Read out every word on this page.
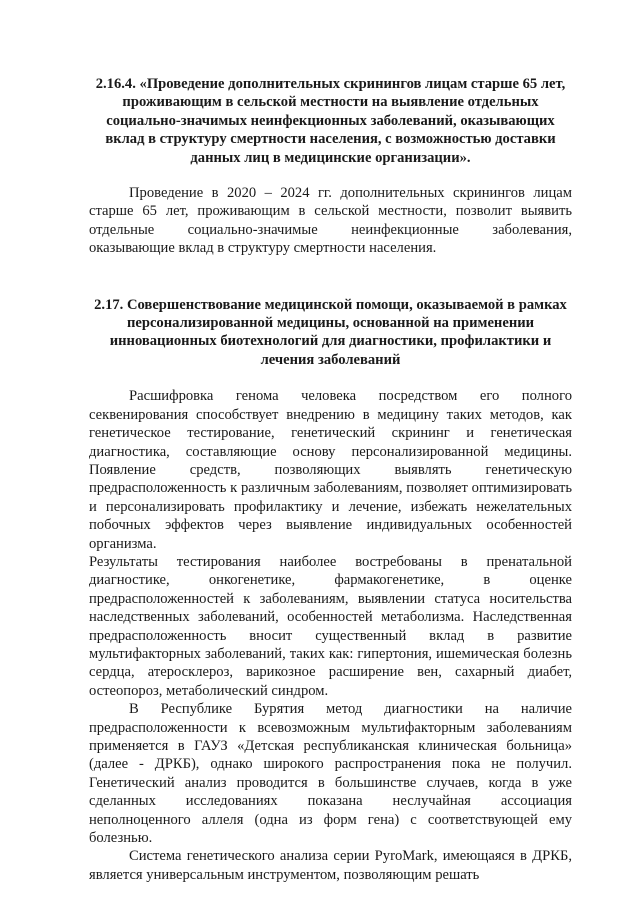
2.16.4. «Проведение дополнительных скринингов лицам старше 65 лет, проживающим в сельской местности на выявление отдельных социально-значимых неинфекционных заболеваний, оказывающих вклад в структуру смертности населения, с возможностью доставки данных лиц в медицинские организации».

Проведение в 2020 – 2024 гг. дополнительных скринингов лицам старше 65 лет, проживающим в сельской местности, позволит выявить отдельные социально-значимые неинфекционные заболевания, оказывающие вклад в структуру смертности населения.

2.17. Совершенствование медицинской помощи, оказываемой в рамках персонализированной медицины, основанной на применении инновационных биотехнологий для диагностики, профилактики и лечения заболеваний

Расшифровка генома человека посредством его полного секвенирования способствует внедрению в медицину таких методов, как генетическое тестирование, генетический скрининг и генетическая диагностика, составляющие основу персонализированной медицины. Появление средств, позволяющих выявлять генетическую предрасположенность к различным заболеваниям, позволяет оптимизировать и персонализировать профилактику и лечение, избежать нежелательных побочных эффектов через выявление индивидуальных особенностей организма.

Результаты тестирования наиболее востребованы в пренатальной диагностике, онкогенетике, фармакогенетике, в оценке предрасположенностей к заболеваниям, выявлении статуса носительства наследственных заболеваний, особенностей метаболизма. Наследственная предрасположенность вносит существенный вклад в развитие мультифакторных заболеваний, таких как: гипертония, ишемическая болезнь сердца, атеросклероз, варикозное расширение вен, сахарный диабет, остеопороз, метаболический синдром.

В Республике Бурятия метод диагностики на наличие предрасположенности к всевозможным мультифакторным заболеваниям применяется в ГАУЗ «Детская республиканская клиническая больница» (далее - ДРКБ), однако широкого распространения пока не получил. Генетический анализ проводится в большинстве случаев, когда в уже сделанных исследованиях показана неслучайная ассоциация неполноценного аллеля (одна из форм гена) с соответствующей ему болезнью.

Система генетического анализа серии PyroMark, имеющаяся в ДРКБ, является универсальным инструментом, позволяющим решать
